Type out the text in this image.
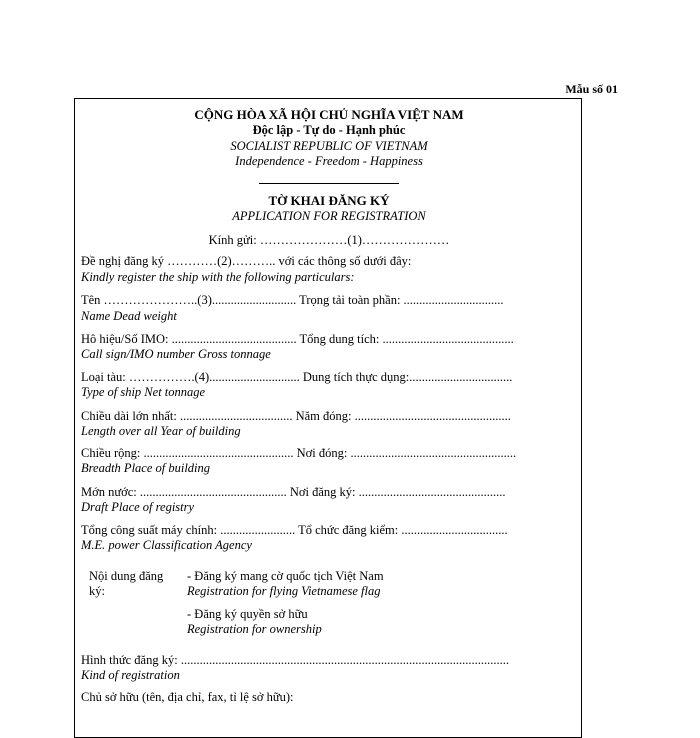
Mẫu số 01
CỘNG HÒA XÃ HỘI CHỦ NGHĨA VIỆT NAM
Độc lập - Tự do - Hạnh phúc
SOCIALIST REPUBLIC OF VIETNAM
Independence - Freedom - Happiness
TỜ KHAI ĐĂNG KÝ
APPLICATION FOR REGISTRATION
Kính gửi: …………………(1)…………………
Đề nghị đăng ký …………(2)……….. với các thông số dưới đây:
Kindly register the ship with the following particulars:
Tên …………………..(3)........................... Trọng tải toàn phần: ................................
Name Dead weight
Hô hiệu/Số IMO: ........................................ Tổng dung tích: ..........................................
Call sign/IMO number Gross tonnage
Loại tàu: …………….(4)............................. Dung tích thực dụng:.................................
Type of ship Net tonnage
Chiều dài lớn nhất: .................................... Năm đóng: ..................................................
Length over all Year of building
Chiều rộng: ................................................ Nơi đóng: .....................................................
Breadth Place of building
Mớn nước: ............................................... Nơi đăng ký: ...............................................
Draft Place of registry
Tổng công suất máy chính: ........................ Tổ chức đăng kiểm: ..................................
M.E. power Classification Agency
Nội dung đăng
ký:
- Đăng ký mang cờ quốc tịch Việt Nam
Registration for flying Vietnamese flag
- Đăng ký quyền sở hữu
Registration for ownership
Hình thức đăng ký: .........................................................................................................
Kind of registration
Chủ sở hữu (tên, địa chỉ, fax, tỉ lệ sở hữu):
